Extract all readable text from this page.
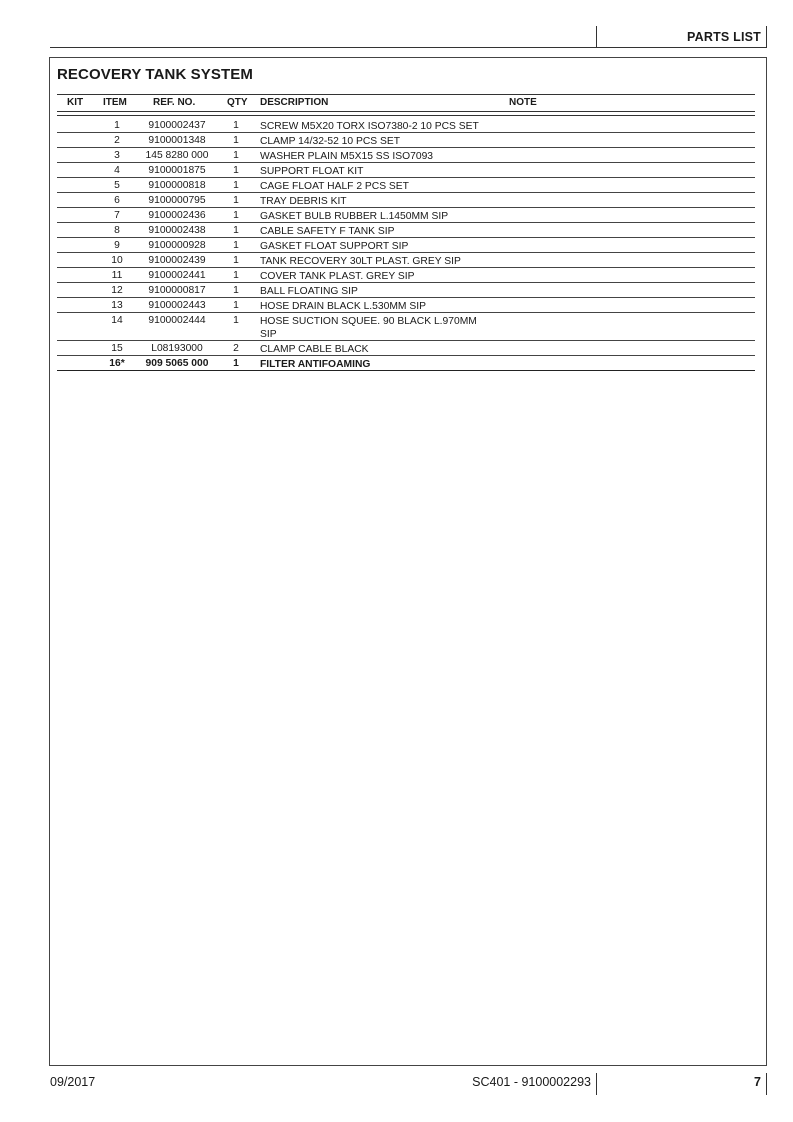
PARTS LIST
RECOVERY TANK SYSTEM
KIT ITEM	REF. NO.	QTY DESCRIPTION	NOTE
1	9100002437	1	SCREW M5X20 TORX ISO7380-2 10 PCS SET
2	9100001348	1	CLAMP 14/32-52 10 PCS SET
3	145 8280 000	1	WASHER PLAIN M5X15 SS ISO7093
4	9100001875	1	SUPPORT FLOAT KIT
5	9100000818	1	CAGE FLOAT HALF 2 PCS SET
6	9100000795	1	TRAY DEBRIS KIT
7	9100002436	1	GASKET BULB RUBBER L.1450MM SIP
8	9100002438	1	CABLE SAFETY F TANK SIP
9	9100000928	1	GASKET FLOAT SUPPORT SIP
10	9100002439	1	TANK RECOVERY 30LT PLAST. GREY SIP
11	9100002441	1	COVER TANK PLAST. GREY SIP
12	9100000817	1	BALL FLOATING SIP
13	9100002443	1	HOSE DRAIN BLACK L.530MM SIP
14	9100002444	1	HOSE SUCTION SQUEE. 90 BLACK L.970MM SIP
15	L08193000	2	CLAMP CABLE BLACK
16*	909 5065 000	1	FILTER ANTIFOAMING
09/2017	SC401 - 9100002293	7
